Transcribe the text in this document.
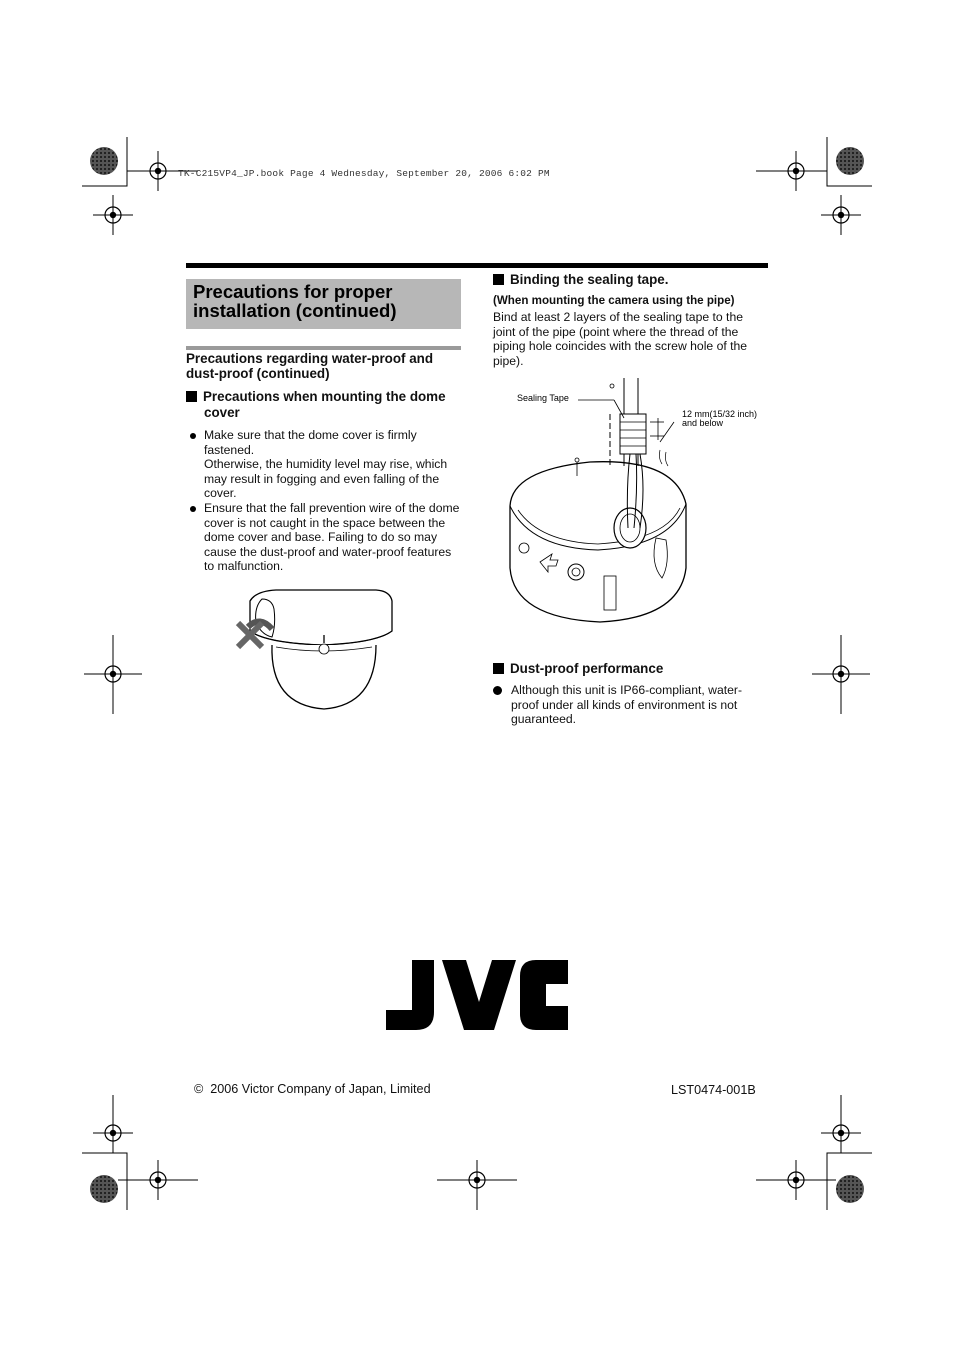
TK-C215VP4_JP.book Page 4 Wednesday, September 20, 2006 6:02 PM
Precautions for proper installation (continued)
Precautions regarding water-proof and dust-proof (continued)
Precautions when mounting the dome cover

Make sure that the dome cover is firmly fastened.
Otherwise, the humidity level may rise, which may result in fogging and even falling of the cover.

Ensure that the fall prevention wire of the dome cover is not caught in the space between the dome cover and base. Failing to do so may cause the dust-proof and water-proof features to malfunction.

Binding the sealing tape.
(When mounting the camera using the pipe)
Bind at least 2 layers of the sealing tape to the joint of the pipe (point where the thread of the piping hole coincides with the screw hole of the pipe).
Sealing Tape
12 mm(15/32 inch)
and below
Dust-proof performance

Although this unit is IP66-compliant, water-proof under all kinds of environment is not guaranteed.

© 2006 Victor Company of Japan, Limited	LST0474-001B
